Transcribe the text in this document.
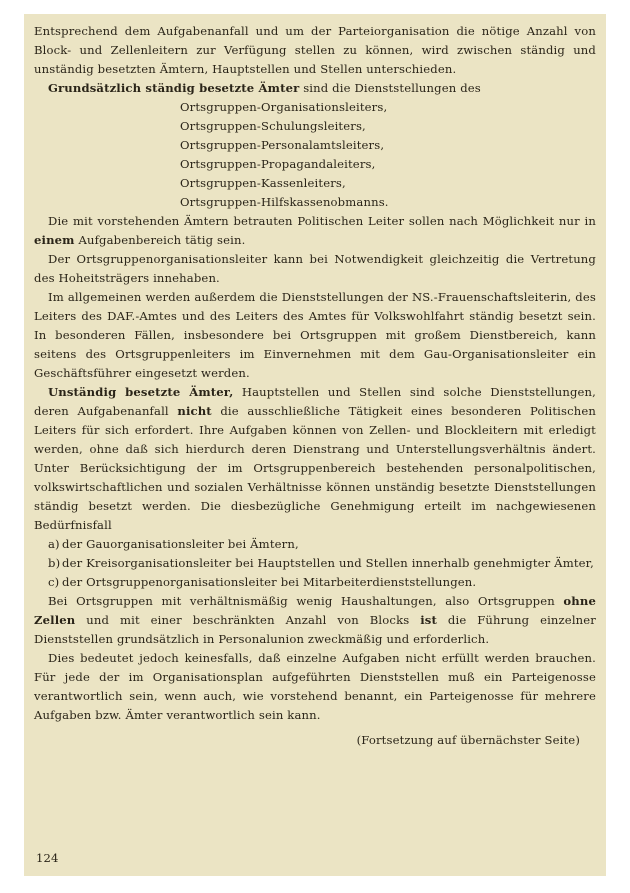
Entsprechend dem Aufgabenanfall und um der Parteiorganisation die nötige Anzahl von Block- und Zellenleitern zur Verfügung stellen zu können, wird zwischen ständig und unständig besetzten Ämtern, Hauptstellen und Stellen unterschieden.

Grundsätzlich ständig besetzte Ämter sind die Dienststellungen des

Ortsgruppen-Organisationsleiters,
Ortsgruppen-Schulungsleiters,
Ortsgruppen-Personalamtsleiters,
Ortsgruppen-Propagandaleiters,
Ortsgruppen-Kassenleiters,
Ortsgruppen-Hilfskassenobmanns.

Die mit vorstehenden Ämtern betrauten Politischen Leiter sollen nach Möglichkeit nur in einem Aufgabenbereich tätig sein.

Der Ortsgruppenorganisationsleiter kann bei Notwendigkeit gleichzeitig die Vertretung des Hoheitsträgers innehaben.

Im allgemeinen werden außerdem die Dienststellungen der NS.-Frauenschaftsleiterin, des Leiters des DAF.-Amtes und des Leiters des Amtes für Volkswohlfahrt ständig besetzt sein. In besonderen Fällen, insbesondere bei Ortsgruppen mit großem Dienstbereich, kann seitens des Ortsgruppenleiters im Einvernehmen mit dem Gau-Organisationsleiter ein Geschäftsführer eingesetzt werden.

Unständig besetzte Ämter, Hauptstellen und Stellen sind solche Dienststellungen, deren Aufgabenanfall nicht die ausschließliche Tätigkeit eines besonderen Politischen Leiters für sich erfordert. Ihre Aufgaben können von Zellen- und Blockleitern mit erledigt werden, ohne daß sich hierdurch deren Dienstrang und Unterstellungsverhältnis ändert. Unter Berücksichtigung der im Ortsgruppenbereich bestehenden personalpolitischen, volkswirtschaftlichen und sozialen Verhältnisse können unständig besetzte Dienststellungen ständig besetzt werden. Die diesbezügliche Genehmigung erteilt im nachgewiesenen Bedürfnisfall

a) der Gauorganisationsleiter bei Ämtern,
b) der Kreisorganisationsleiter bei Hauptstellen und Stellen innerhalb genehmigter Ämter,
c) der Ortsgruppenorganisationsleiter bei Mitarbeiterdienststellungen.

Bei Ortsgruppen mit verhältnismäßig wenig Haushaltungen, also Ortsgruppen ohne Zellen und mit einer beschränkten Anzahl von Blocks ist die Führung einzelner Dienststellen grundsätzlich in Personalunion zweckmäßig und erforderlich.

Dies bedeutet jedoch keinesfalls, daß einzelne Aufgaben nicht erfüllt werden brauchen. Für jede der im Organisationsplan aufgeführten Dienststellen muß ein Parteigenosse verantwortlich sein, wenn auch, wie vorstehend benannt, ein Parteigenosse für mehrere Aufgaben bzw. Ämter verantwortlich sein kann.

(Fortsetzung auf übernächster Seite)
124
